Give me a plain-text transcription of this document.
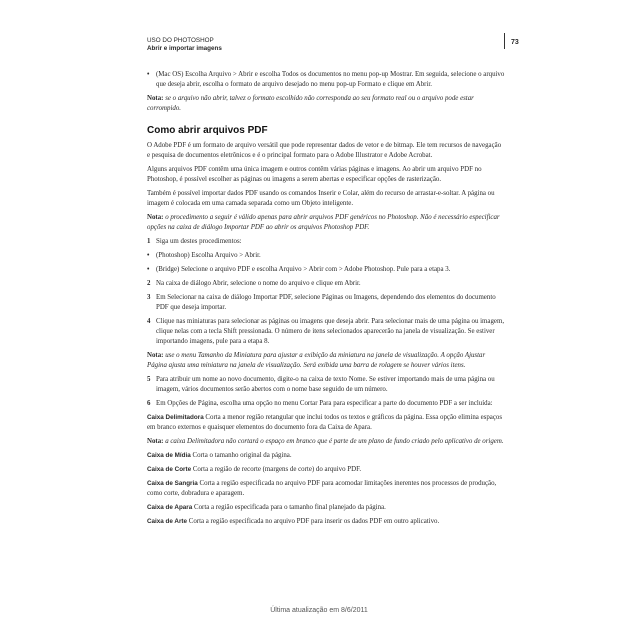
USO DO PHOTOSHOP
Abrir e importar imagens
73
• (Mac OS) Escolha Arquivo > Abrir e escolha Todos os documentos no menu pop-up Mostrar. Em seguida, selecione o arquivo que deseja abrir, escolha o formato de arquivo desejado no menu pop-up Formato e clique em Abrir.

Nota: se o arquivo não abrir, talvez o formato escolhido não corresponda ao seu formato real ou o arquivo pode estar corrompido.

Como abrir arquivos PDF

O Adobe PDF é um formato de arquivo versátil que pode representar dados de vetor e de bitmap. Ele tem recursos de navegação e pesquisa de documentos eletrônicos e é o principal formato para o Adobe Illustrator e Adobe Acrobat.

Alguns arquivos PDF contêm uma única imagem e outros contêm várias páginas e imagens. Ao abrir um arquivo PDF no Photoshop, é possível escolher as páginas ou imagens a serem abertas e especificar opções de rasterização.

Também é possível importar dados PDF usando os comandos Inserir e Colar, além do recurso de arrastar-e-soltar. A página ou imagem é colocada em uma camada separada como um Objeto inteligente.

Nota: o procedimento a seguir é válido apenas para abrir arquivos PDF genéricos no Photoshop. Não é necessário especificar opções na caixa de diálogo Importar PDF ao abrir os arquivos Photoshop PDF.

1 Siga um destes procedimentos:
• (Photoshop) Escolha Arquivo > Abrir.
• (Bridge) Selecione o arquivo PDF e escolha Arquivo > Abrir com > Adobe Photoshop. Pule para a etapa 3.
2 Na caixa de diálogo Abrir, selecione o nome do arquivo e clique em Abrir.
3 Em Selecionar na caixa de diálogo Importar PDF, selecione Páginas ou Imagens, dependendo dos elementos do documento PDF que deseja importar.
4 Clique nas miniaturas para selecionar as páginas ou imagens que deseja abrir. Para selecionar mais de uma página ou imagem, clique nelas com a tecla Shift pressionada. O número de itens selecionados aparecerão na janela de visualização. Se estiver importando imagens, pule para a etapa 8.

Nota: use o menu Tamanho da Miniatura para ajustar a exibição da miniatura na janela de visualização. A opção Ajustar Página ajusta uma miniatura na janela de visualização. Será exibida uma barra de rolagem se houver vários itens.

5 Para atribuir um nome ao novo documento, digite-o na caixa de texto Nome. Se estiver importando mais de uma página ou imagem, vários documentos serão abertos com o nome base seguido de um número.
6 Em Opções de Página, escolha uma opção no menu Cortar Para para especificar a parte do documento PDF a ser incluída:

Caixa Delimitadora Corta a menor região retangular que inclui todos os textos e gráficos da página. Essa opção elimina espaços em branco externos e quaisquer elementos do documento fora da Caixa de Apara.

Nota: a caixa Delimitadora não cortará o espaço em branco que é parte de um plano de fundo criado pelo aplicativo de origem.

Caixa de Mídia Corta o tamanho original da página.

Caixa de Corte Corta a região de recorte (margens de corte) do arquivo PDF.

Caixa de Sangria Corta a região especificada no arquivo PDF para acomodar limitações inerentes nos processos de produção, como corte, dobradura e aparagem.

Caixa de Apara Corta a região especificada para o tamanho final planejado da página.

Caixa de Arte Corta a região especificada no arquivo PDF para inserir os dados PDF em outro aplicativo.

Última atualização em 8/6/2011
